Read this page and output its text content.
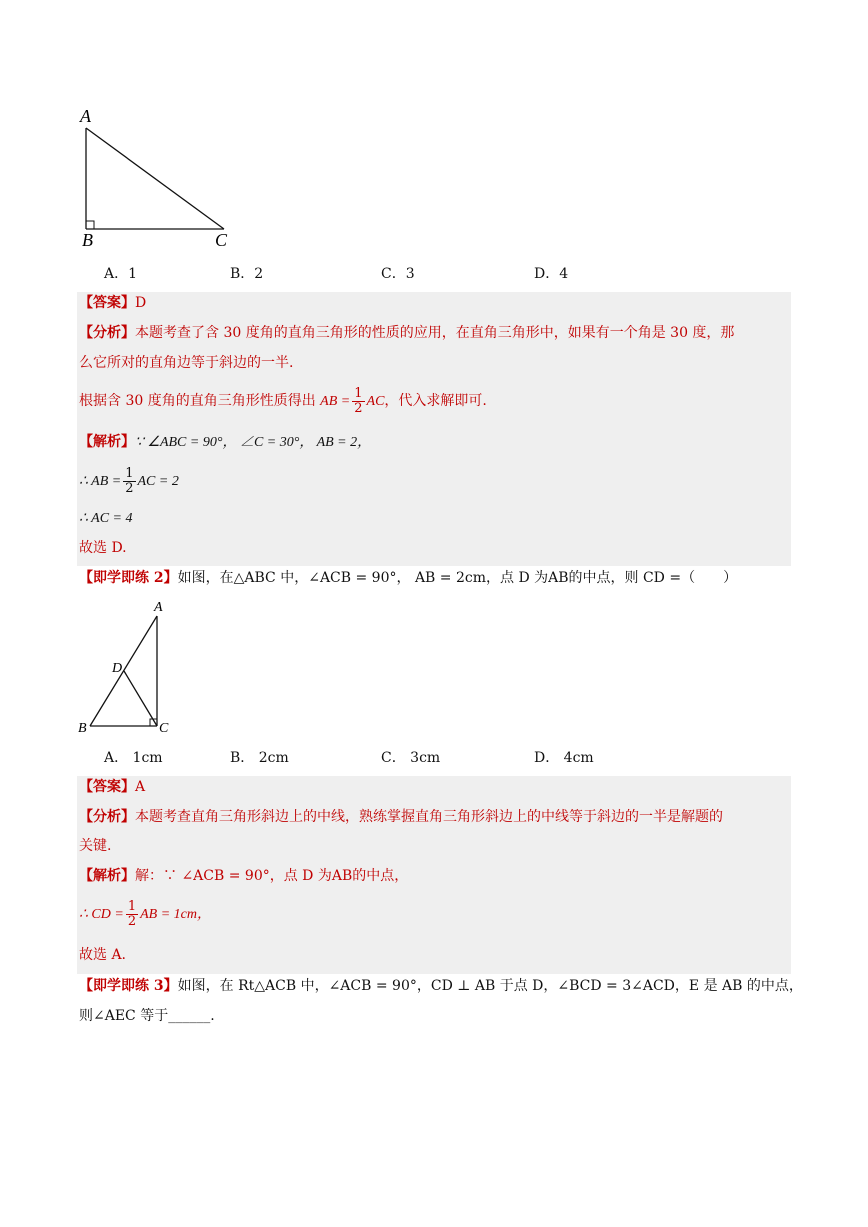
A
B	C
A．1	B．2	C．3	D．4
【答案】D
【分析】本题考查了含 30 度角的直角三角形的性质的应用，在直角三角形中，如果有一个角是 30 度，那
么它所对的直角边等于斜边的一半.
根据含 30 度角的直角三角形性质得出 AB = $\frac{1}{2}$ AC，代入求解即可.
【解析】∵ ∠ABC = 90°， ∠C = 30°， AB = 2，
∴ AB = $\frac{1}{2}$ AC = 2
∴ AC = 4
故选 D.
【即学即练 2】如图，在△ABC 中，∠ACB = 90°， AB = 2cm，点 D 为AB的中点，则 CD =（　　）
A
D
B	C
A． 1cm	B． 2cm	C． 3cm	D． 4cm
【答案】A
【分析】本题考查直角三角形斜边上的中线，熟练掌握直角三角形斜边上的中线等于斜边的一半是解题的
关键.
【解析】解：∵ ∠ACB = 90°，点 D 为AB的中点，
∴ CD = $\frac{1}{2}$ AB = 1cm，
故选 A.
【即学即练 3】如图，在 Rt△ACB 中，∠ACB = 90°，CD ⊥ AB 于点 D，∠BCD = 3∠ACD，E 是 AB 的中点，
则∠AEC 等于______.
